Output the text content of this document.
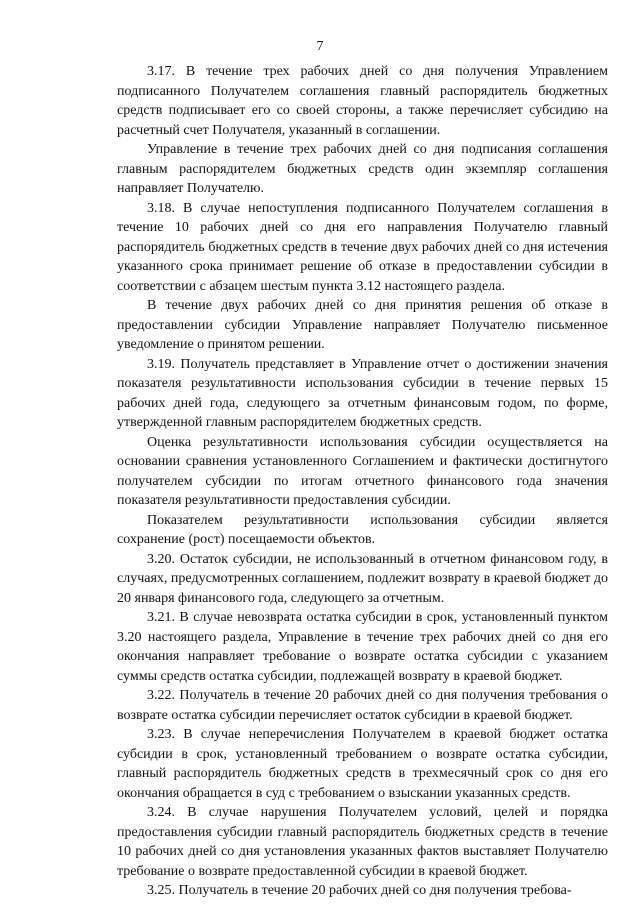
7

3.17. В течение трех рабочих дней со дня получения Управлением подписанного Получателем соглашения главный распорядитель бюджетных средств подписывает его со своей стороны, а также перечисляет субсидию на расчетный счет Получателя, указанный в соглашении.

Управление в течение трех рабочих дней со дня подписания соглашения главным распорядителем бюджетных средств один экземпляр соглашения направляет Получателю.

3.18. В случае непоступления подписанного Получателем соглашения в течение 10 рабочих дней со дня его направления Получателю главный распорядитель бюджетных средств в течение двух рабочих дней со дня истечения указанного срока принимает решение об отказе в предоставлении субсидии в соответствии с абзацем шестым пункта 3.12 настоящего раздела.

В течение двух рабочих дней со дня принятия решения об отказе в предоставлении субсидии Управление направляет Получателю письменное уведомление о принятом решении.

3.19. Получатель представляет в Управление отчет о достижении значения показателя результативности использования субсидии в течение первых 15 рабочих дней года, следующего за отчетным финансовым годом, по форме, утвержденной главным распорядителем бюджетных средств.

Оценка результативности использования субсидии осуществляется на основании сравнения установленного Соглашением и фактически достигнутого получателем субсидии по итогам отчетного финансового года значения показателя результативности предоставления субсидии.

Показателем результативности использования субсидии является сохранение (рост) посещаемости объектов.

3.20. Остаток субсидии, не использованный в отчетном финансовом году, в случаях, предусмотренных соглашением, подлежит возврату в краевой бюджет до 20 января финансового года, следующего за отчетным.

3.21. В случае невозврата остатка субсидии в срок, установленный пунктом 3.20 настоящего раздела, Управление в течение трех рабочих дней со дня его окончания направляет требование о возврате остатка субсидии с указанием суммы средств остатка субсидии, подлежащей возврату в краевой бюджет.

3.22. Получатель в течение 20 рабочих дней со дня получения требования о возврате остатка субсидии перечисляет остаток субсидии в краевой бюджет.

3.23. В случае неперечисления Получателем в краевой бюджет остатка субсидии в срок, установленный требованием о возврате остатка субсидии, главный распорядитель бюджетных средств в трехмесячный срок со дня его окончания обращается в суд с требованием о взыскании указанных средств.

3.24. В случае нарушения Получателем условий, целей и порядка предоставления субсидии главный распорядитель бюджетных средств в течение 10 рабочих дней со дня установления указанных фактов выставляет Получателю требование о возврате предоставленной субсидии в краевой бюджет.

3.25. Получатель в течение 20 рабочих дней со дня получения требова-
